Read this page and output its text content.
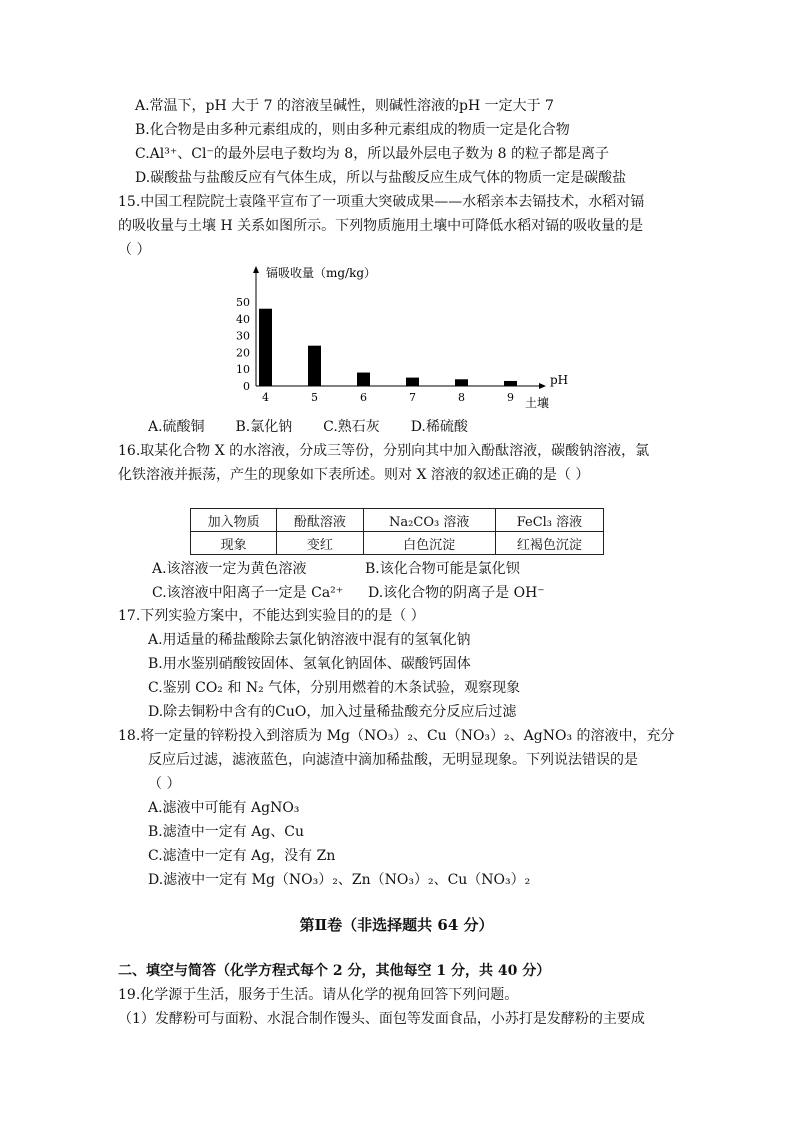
A.常温下，pH 大于 7 的溶液呈碱性，则碱性溶液的pH 一定大于 7
B.化合物是由多种元素组成的，则由多种元素组成的物质一定是化合物
C.Al³⁺、Cl⁻的最外层电子数均为 8，所以最外层电子数为 8 的粒子都是离子
D.碳酸盐与盐酸反应有气体生成，所以与盐酸反应生成气体的物质一定是碳酸盐
15.中国工程院院士袁隆平宣布了一项重大突破成果——水稻亲本去镉技术，水稻对镉
的吸收量与土壤 H 关系如图所示。下列物质施用土壤中可降低水稻对镉的吸收量的是
（ ）
镉吸收量（mg/kg）
pH
土壤
0
10
20
30
40
50
4	5	6	7	8	9
A.硫酸铜 B.氯化钠 C.熟石灰 D.稀硫酸
16.取某化合物 X 的水溶液，分成三等份，分别向其中加入酚酞溶液，碳酸钠溶液，氯
化铁溶液并振荡，产生的现象如下表所述。则对 X 溶液的叙述正确的是（ ）
加入物质	酚酞溶液	Na₂CO₃ 溶液	FeCl₃ 溶液
现象	变红	白色沉淀	红褐色沉淀
A.该溶液一定为黄色溶液	B.该化合物可能是氯化钡
C.该溶液中阳离子一定是 Ca²⁺ D.该化合物的阴离子是 OH⁻
17.下列实验方案中，不能达到实验目的的是（ ）
A.用适量的稀盐酸除去氯化钠溶液中混有的氢氧化钠
B.用水鉴别硝酸铵固体、氢氧化钠固体、碳酸钙固体
C.鉴别 CO₂ 和 N₂ 气体，分别用燃着的木条试验，观察现象
D.除去铜粉中含有的CuO，加入过量稀盐酸充分反应后过滤
18.将一定量的锌粉投入到溶质为 Mg（NO₃）₂、Cu（NO₃）₂、AgNO₃ 的溶液中，充分
反应后过滤，滤液蓝色，向滤渣中滴加稀盐酸，无明显现象。下列说法错误的是
（ ）
A.滤液中可能有 AgNO₃
B.滤渣中一定有 Ag、Cu
C.滤渣中一定有 Ag，没有 Zn
D.滤液中一定有 Mg（NO₃）₂、Zn（NO₃）₂、Cu（NO₃）₂
第Ⅱ卷（非选择题共 64 分）
二、填空与简答（化学方程式每个 2 分，其他每空 1 分，共 40 分）
19.化学源于生活，服务于生活。请从化学的视角回答下列问题。
（1）发酵粉可与面粉、水混合制作馒头、面包等发面食品，小苏打是发酵粉的主要成
